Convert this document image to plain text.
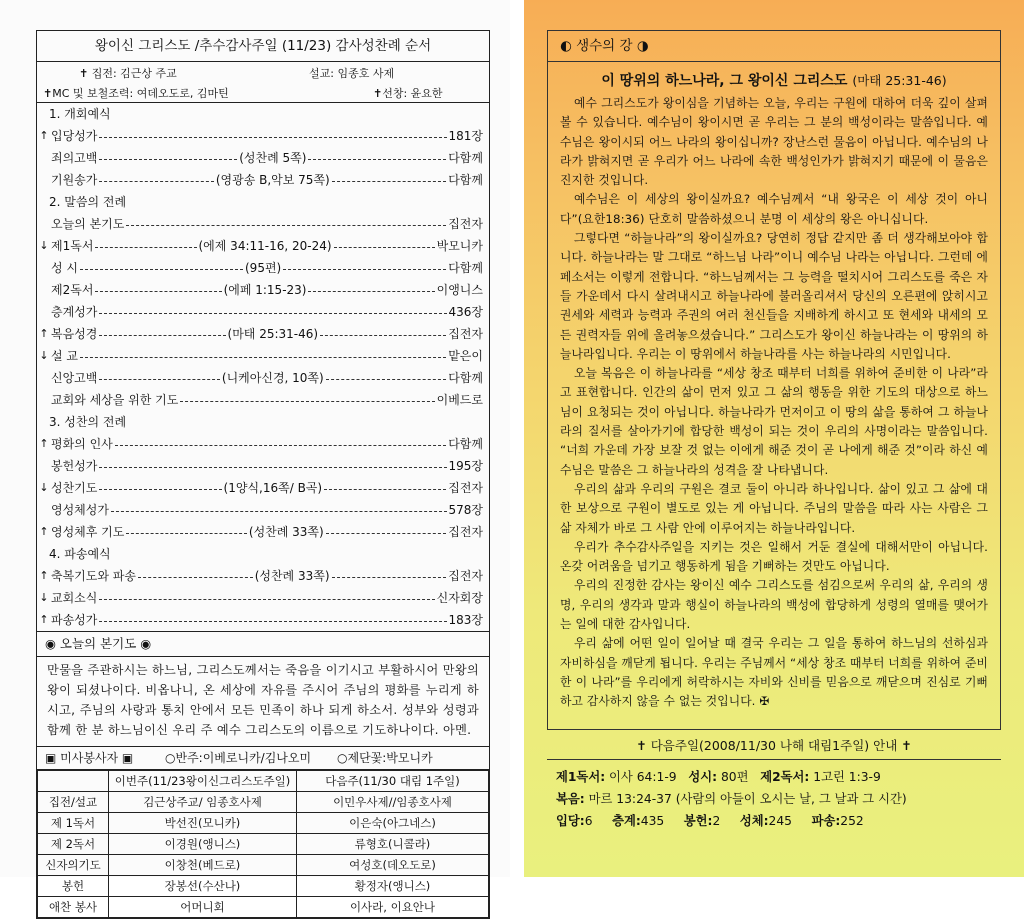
왕이신 그리스도 /추수감사주일 (11/23) 감사성찬례 순서
✝ 집전: 김근상 주교	설교: 임종호 사제
✝MC 및 보철조력: 여데오도로, 김마틴	✝선창: 윤요한
1. 개회예식
↑ 입당성가	181장
죄의고백	(성찬례 5쪽)	다함께
기원송가	(영광송 B,악보 75쪽)	다함께
2. 말씀의 전례
오늘의 본기도	집전자
↓ 제1독서	(에제 34:11-16, 20-24)	박모니카
성 시	(95편)	다함께
제2독서	(에페 1:15-23)	이앵니스
층계성가	436장
↑ 복음성경	(마태 25:31-46)	집전자
↓ 설 교	맡은이
신앙고백	(니케아신경, 10쪽)	다함께
교회와 세상을 위한 기도	이베드로
3. 성찬의 전례
↑ 평화의 인사	다함께
봉헌성가	195장
↓ 성찬기도	(1양식,16쪽/ B곡)	집전자
영성체성가	578장
↑ 영성체후 기도	(성찬례 33쪽)	집전자
4. 파송예식
↑ 축복기도와 파송	(성찬례 33쪽)	집전자
↓ 교회소식	신자회장
↑ 파송성가	183장
◉ 오늘의 본기도 ◉
만물을 주관하시는 하느님, 그리스도께서는 죽음을 이기시고 부활하시어 만왕의 왕이 되셨나이다. 비옵나니, 온 세상에 자유를 주시어 주님의 평화를 누리게 하시고, 주님의 사랑과 통치 안에서 모든 민족이 하나 되게 하소서. 성부와 성령과 함께 한 분 하느님이신 우리 주 예수 그리스도의 이름으로 기도하나이다. 아멘.
▣ 미사봉사자 ▣	○반주:이베로니카/김나오미 ○제단꽃:박모니카
	이번주(11/23왕이신그리스도주일)	다음주(11/30 대림 1주일)
집전/설교	김근상주교/ 임종호사제	이민우사제//임종호사제
제 1독서	박선진(모니카)	이은숙(아그네스)
제 2독서	이경원(앵니스)	류형호(니콜라)
신자의기도	이창천(베드로)	여성호(데오도로)
봉헌	장봉선(수산나)	황정자(앵니스)
애찬 봉사	어머니회	이사라, 이요안나
◐ 생수의 강 ◑
이 땅위의 하느나라, 그 왕이신 그리스도 (마태 25:31-46)

예수 그리스도가 왕이심을 기념하는 오늘, 우리는 구원에 대하여 더욱 깊이 살펴볼 수 있습니다. 예수님이 왕이시면 곧 우리는 그 분의 백성이라는 말씀입니다. 예수님은 왕이시되 어느 나라의 왕이십니까? 장난스런 물음이 아닙니다. 예수님의 나라가 밝혀지면 곧 우리가 어느 나라에 속한 백성인가가 밝혀지기 때문에 이 물음은 진지한 것입니다.

예수님은 이 세상의 왕이실까요? 예수님께서 “내 왕국은 이 세상 것이 아니다”(요한18:36) 단호히 말씀하셨으니 분명 이 세상의 왕은 아니십니다.

그렇다면 “하늘나라”의 왕이실까요? 당연히 정답 같지만 좀 더 생각해보아야 합니다. 하늘나라는 말 그대로 “하느님 나라”이니 예수님 나라는 아닙니다. 그런데 에페소서는 이렇게 전합니다. “하느님께서는 그 능력을 떨치시어 그리스도를 죽은 자들 가운데서 다시 살려내시고 하늘나라에 불러올리셔서 당신의 오른편에 앉히시고 권세와 세력과 능력과 주권의 여러 천신들을 지배하게 하시고 또 현세와 내세의 모든 권력자들 위에 올려놓으셨습니다.” 그리스도가 왕이신 하늘나라는 이 땅위의 하늘나라입니다. 우리는 이 땅위에서 하늘나라를 사는 하늘나라의 시민입니다.

오늘 복음은 이 하늘나라를 “세상 창조 때부터 너희를 위하여 준비한 이 나라”라고 표현합니다. 인간의 삶이 먼저 있고 그 삶의 행동을 위한 기도의 대상으로 하느님이 요청되는 것이 아닙니다. 하늘나라가 먼저이고 이 땅의 삶을 통하여 그 하늘나라의 질서를 살아가기에 합당한 백성이 되는 것이 우리의 사명이라는 말씀입니다. “너희 가운데 가장 보잘 것 없는 이에게 해준 것이 곧 나에게 해준 것”이라 하신 예수님은 말씀은 그 하늘나라의 성격을 잘 나타냅니다.

우리의 삶과 우리의 구원은 결코 둘이 아니라 하나입니다. 삶이 있고 그 삶에 대한 보상으로 구원이 별도로 있는 게 아닙니다. 주님의 말씀을 따라 사는 사람은 그 삶 자체가 바로 그 사람 안에 이루어지는 하늘나라입니다.

우리가 추수감사주일을 지키는 것은 일해서 거둔 결실에 대해서만이 아닙니다. 온갖 어려움을 넘기고 행동하게 됨을 기뻐하는 것만도 아닙니다.

우리의 진정한 감사는 왕이신 예수 그리스도를 섬김으로써 우리의 삶, 우리의 생명, 우리의 생각과 말과 행실이 하늘나라의 백성에 합당하게 성령의 열매를 맺어가는 일에 대한 감사입니다.

우리 삶에 어떤 일이 일어날 때 결국 우리는 그 일을 통하여 하느님의 선하심과 자비하심을 깨닫게 됩니다. 우리는 주님께서 “세상 창조 때부터 너희를 위하여 준비한 이 나라”를 우리에게 허락하시는 자비와 신비를 믿음으로 깨닫으며 진심로 기뻐하고 감사하지 않을 수 없는 것입니다. ✠

✝ 다음주일(2008/11/30 나해 대림1주일) 안내 ✝
제1독서: 이사 64:1-9 성시: 80편 제2독서: 1고린 1:3-9
복음: 마르 13:24-37 (사람의 아들이 오시는 날, 그 날과 그 시간)
입당:6 층계:435 봉헌:2 성체:245 파송:252
